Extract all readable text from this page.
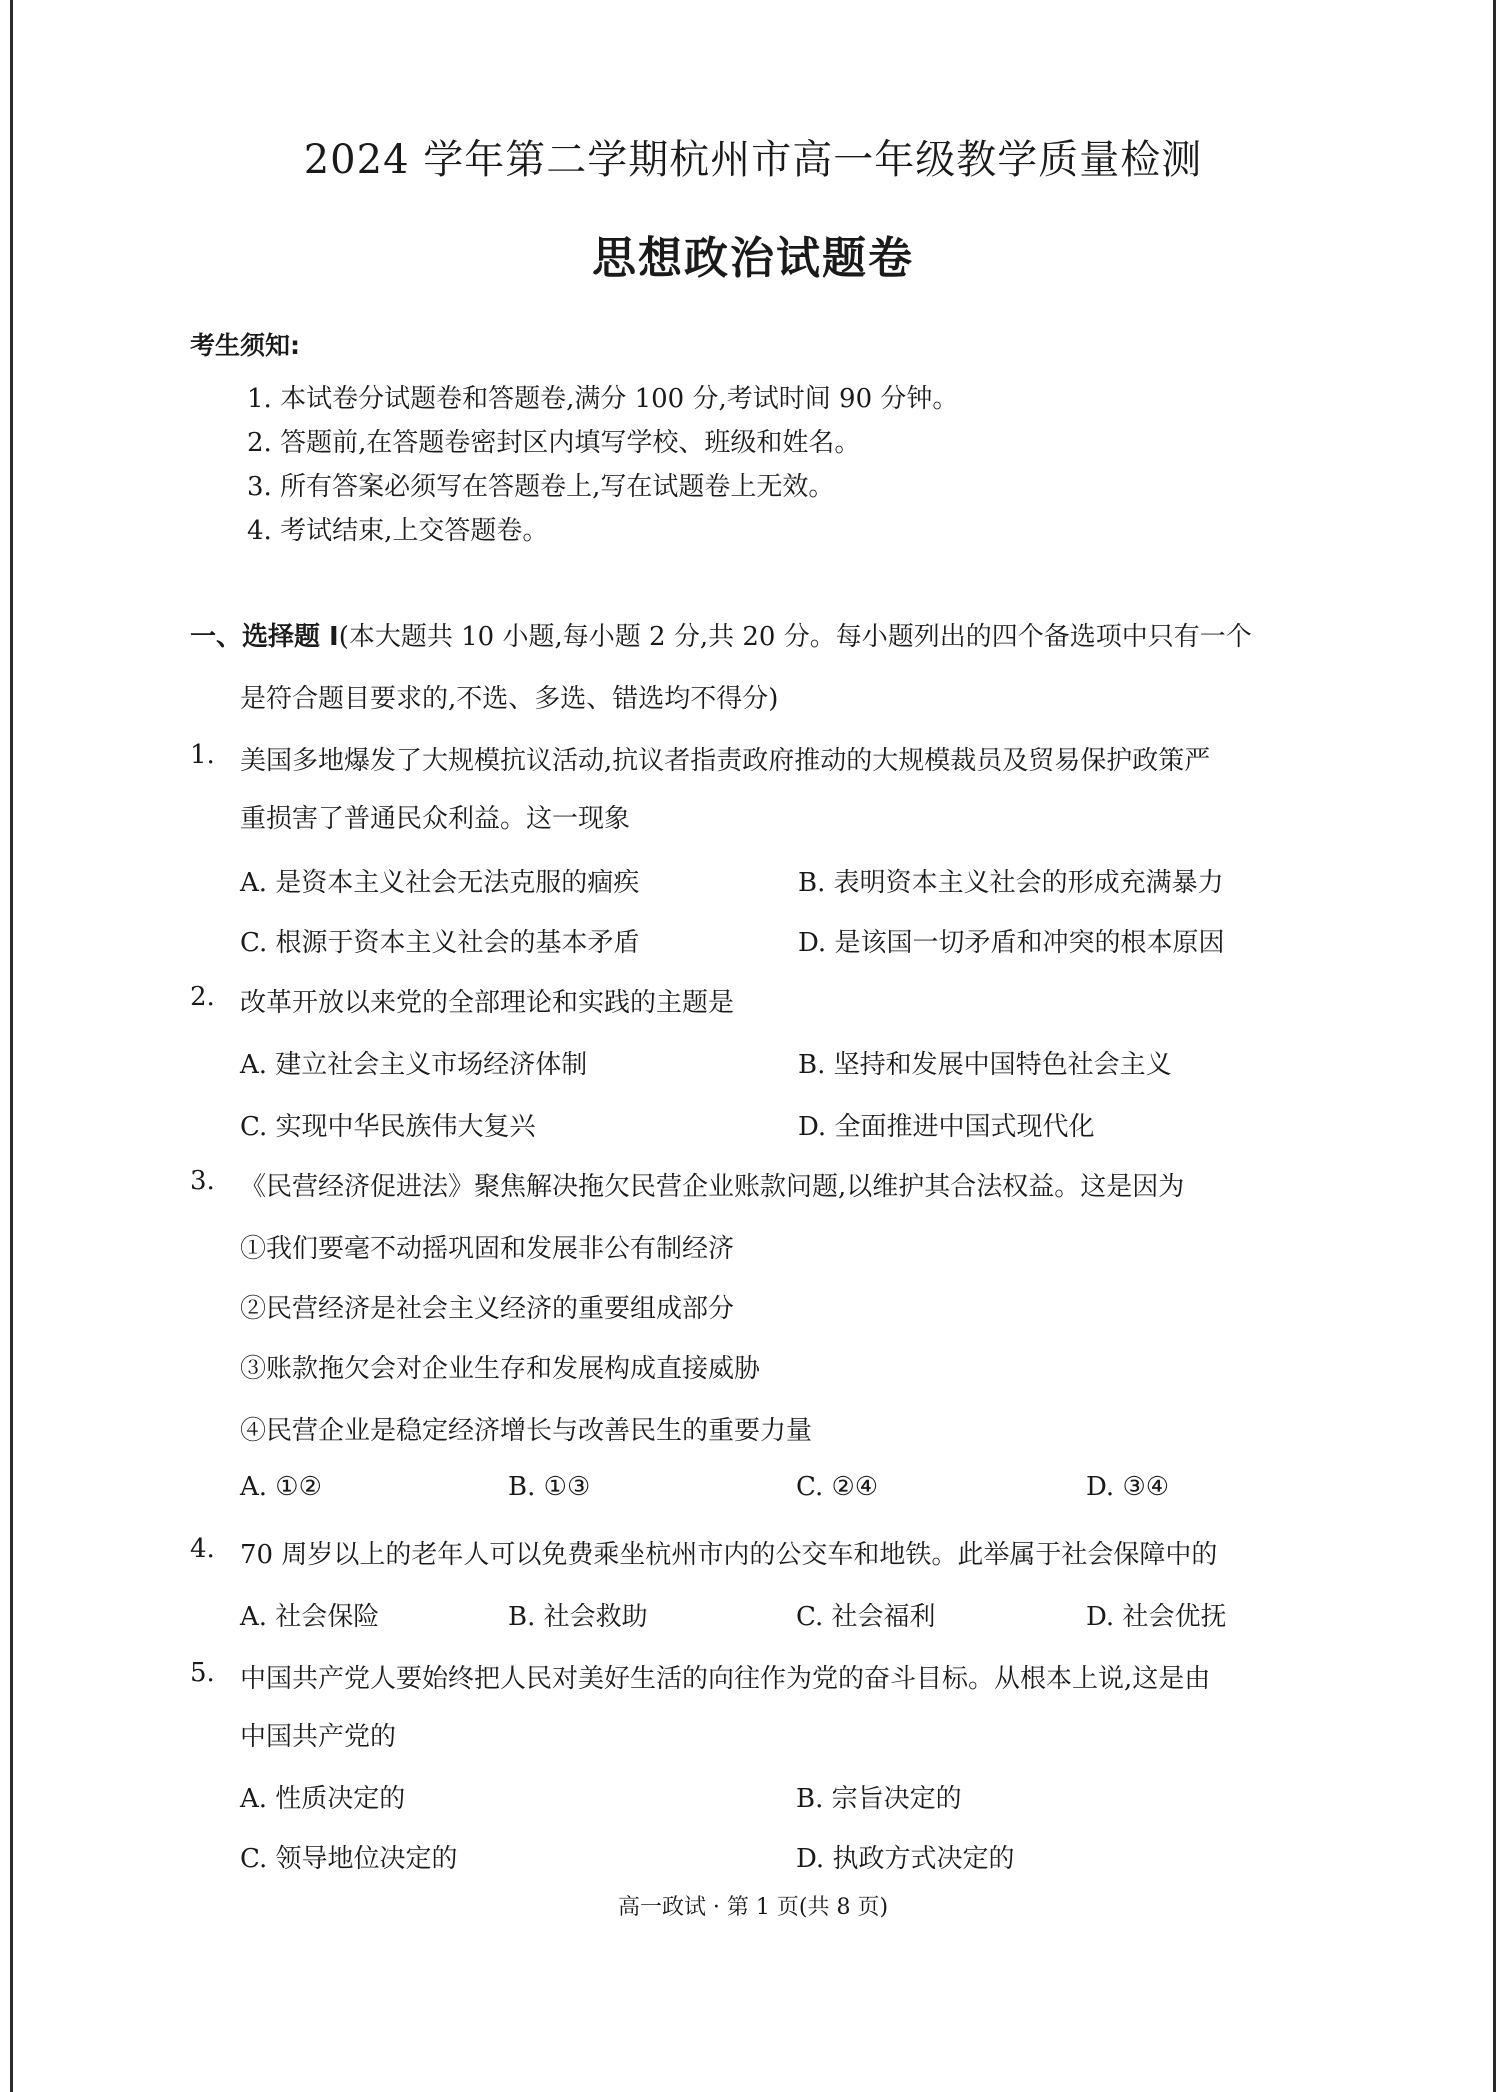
2024 学年第二学期杭州市高一年级教学质量检测
思想政治试题卷
考生须知:
1. 本试卷分试题卷和答题卷,满分 100 分,考试时间 90 分钟。
2. 答题前,在答题卷密封区内填写学校、班级和姓名。
3. 所有答案必须写在答题卷上,写在试题卷上无效。
4. 考试结束,上交答题卷。
一、选择题 I(本大题共 10 小题,每小题 2 分,共 20 分。每小题列出的四个备选项中只有一个
是符合题目要求的,不选、多选、错选均不得分)
1. 美国多地爆发了大规模抗议活动,抗议者指责政府推动的大规模裁员及贸易保护政策严
重损害了普通民众利益。这一现象
A. 是资本主义社会无法克服的痼疾	B. 表明资本主义社会的形成充满暴力
C. 根源于资本主义社会的基本矛盾	D. 是该国一切矛盾和冲突的根本原因
2. 改革开放以来党的全部理论和实践的主题是
A. 建立社会主义市场经济体制	B. 坚持和发展中国特色社会主义
C. 实现中华民族伟大复兴	D. 全面推进中国式现代化
3. 《民营经济促进法》聚焦解决拖欠民营企业账款问题,以维护其合法权益。这是因为
①我们要毫不动摇巩固和发展非公有制经济
②民营经济是社会主义经济的重要组成部分
③账款拖欠会对企业生存和发展构成直接威胁
④民营企业是稳定经济增长与改善民生的重要力量
A. ①②	B. ①③	C. ②④	D. ③④
4. 70 周岁以上的老年人可以免费乘坐杭州市内的公交车和地铁。此举属于社会保障中的
A. 社会保险	B. 社会救助	C. 社会福利	D. 社会优抚
5. 中国共产党人要始终把人民对美好生活的向往作为党的奋斗目标。从根本上说,这是由
中国共产党的
A. 性质决定的	B. 宗旨决定的
C. 领导地位决定的	D. 执政方式决定的
高一政试 · 第 1 页(共 8 页)
